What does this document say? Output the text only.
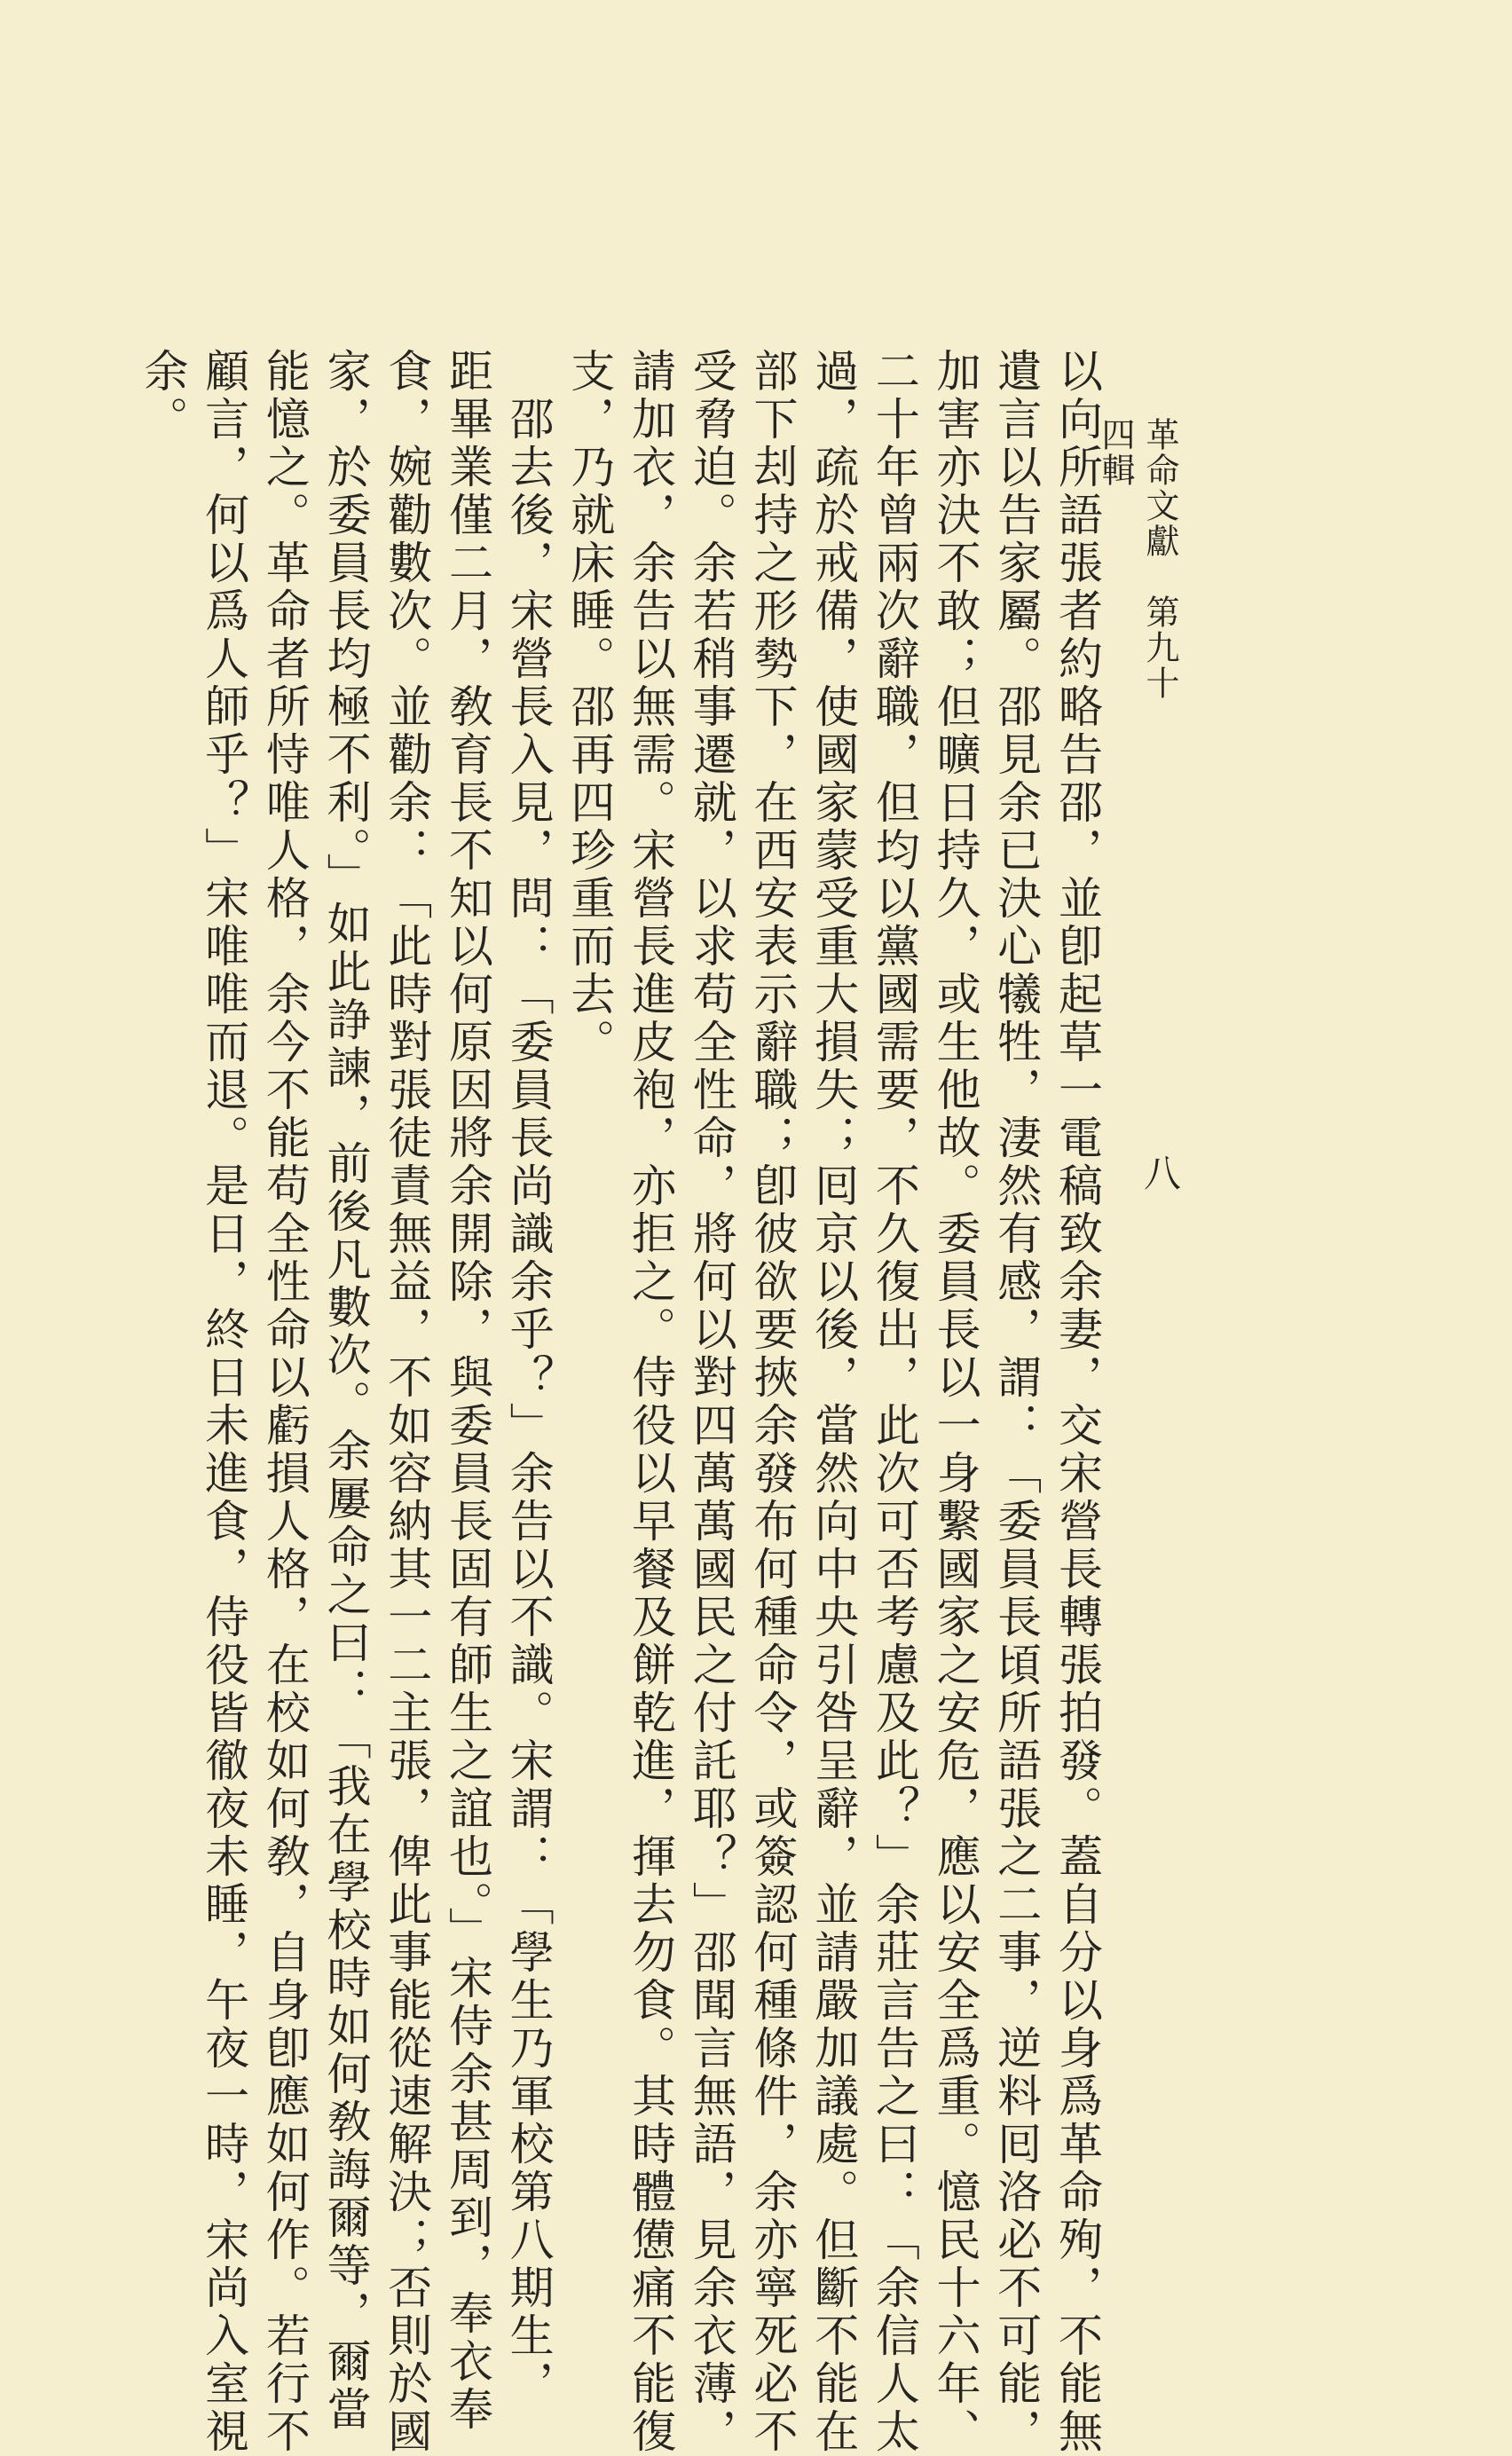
革命文獻　第九十四輯
八

以向所語張者約略告邵，並卽起草一電稿致余妻，交宋營長轉張拍發。蓋自分以身爲革命殉，不能無

遺言以告家屬。邵見余已決心犧牲，淒然有感，謂：「委員長頃所語張之二事，逆料囘洛必不可能，

加害亦決不敢；但曠日持久，或生他故。委員長以一身繫國家之安危，應以安全爲重。憶民十六年、

二十年曾兩次辭職，但均以黨國需要，不久復出，此次可否考慮及此？」余莊言告之曰：「余信人太

過，疏於戒備，使國家蒙受重大損失；囘京以後，當然向中央引咎呈辭，並請嚴加議處。但斷不能在

部下刦持之形勢下，在西安表示辭職；卽彼欲要挾余發布何種命令，或簽認何種條件，余亦寧死必不

受脅迫。余若稍事遷就，以求苟全性命，將何以對四萬萬國民之付託耶？」邵聞言無語，見余衣薄，

請加衣，余告以無需。宋營長進皮袍，亦拒之。侍役以早餐及餅乾進，揮去勿食。其時體憊痛不能復

支，乃就床睡。邵再四珍重而去。

邵去後，宋營長入見，問：「委員長尚識余乎？」余告以不識。宋謂：「學生乃軍校第八期生，

距畢業僅二月，敎育長不知以何原因將余開除，與委員長固有師生之誼也。」宋侍余甚周到，奉衣奉

食，婉勸數次。並勸余：「此時對張徒責無益，不如容納其一二主張，俾此事能從速解決；否則於國

家，於委員長均極不利。」如此諍諫，前後凡數次。余屢命之曰：「我在學校時如何敎誨爾等，爾當

能憶之。革命者所恃唯人格，余今不能苟全性命以虧損人格，在校如何敎，自身卽應如何作。若行不

顧言，何以爲人師乎？」宋唯唯而退。是日，終日未進食，侍役皆徹夜未睡，午夜一時，宋尚入室視

余。
